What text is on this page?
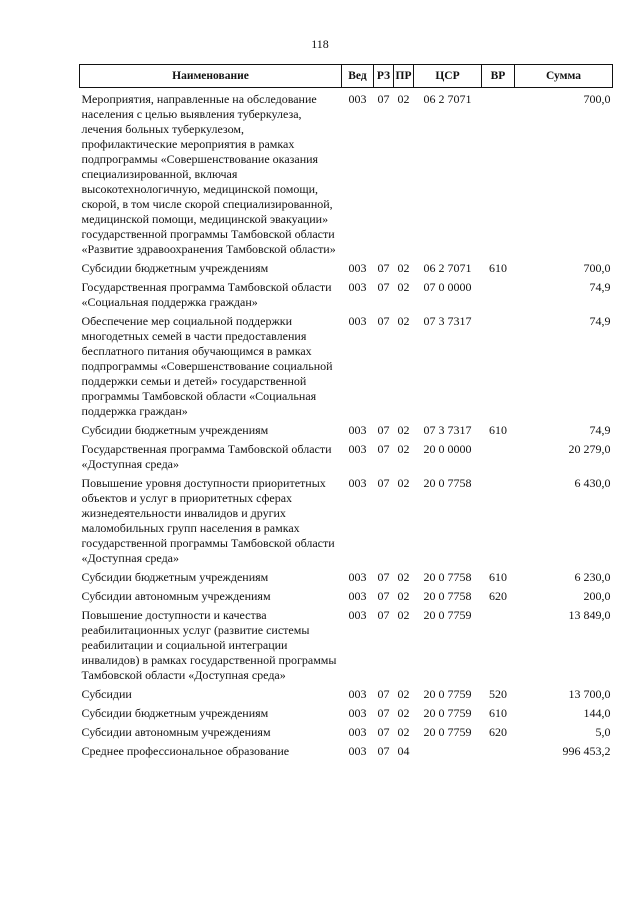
118
Наименование	Вед	РЗ	ПР	ЦСР	ВР	Сумма
Мероприятия, направленные на обследование населения с целью выявления туберкулеза, лечения больных туберкулезом, профилактические мероприятия в рамках подпрограммы «Совершенствование оказания специализированной, включая высокотехнологичную, медицинской помощи, скорой, в том числе скорой специализированной, медицинской помощи, медицинской эвакуации» государственной программы Тамбовской области «Развитие здравоохранения Тамбовской области»	003	07	02	06 2 7071		700,0
Субсидии бюджетным учреждениям	003	07	02	06 2 7071	610	700,0
Государственная программа Тамбовской области «Социальная поддержка граждан»	003	07	02	07 0 0000		74,9
Обеспечение мер социальной поддержки многодетных семей в части предоставления бесплатного питания обучающимся в рамках подпрограммы «Совершенствование социальной поддержки семьи и детей» государственной программы Тамбовской области «Социальная поддержка граждан»	003	07	02	07 3 7317		74,9
Субсидии бюджетным учреждениям	003	07	02	07 3 7317	610	74,9
Государственная программа Тамбовской области «Доступная среда»	003	07	02	20 0 0000		20 279,0
Повышение уровня доступности приоритетных объектов и услуг в приоритетных сферах жизнедеятельности инвалидов и других маломобильных групп населения в рамках государственной программы Тамбовской области «Доступная среда»	003	07	02	20 0 7758		6 430,0
Субсидии бюджетным учреждениям	003	07	02	20 0 7758	610	6 230,0
Субсидии автономным учреждениям	003	07	02	20 0 7758	620	200,0
Повышение доступности и качества реабилитационных услуг (развитие системы реабилитации и социальной интеграции инвалидов) в рамках государственной программы Тамбовской области «Доступная среда»	003	07	02	20 0 7759		13 849,0
Субсидии	003	07	02	20 0 7759	520	13 700,0
Субсидии бюджетным учреждениям	003	07	02	20 0 7759	610	144,0
Субсидии автономным учреждениям	003	07	02	20 0 7759	620	5,0
Среднее профессиональное образование	003	07	04			996 453,2
